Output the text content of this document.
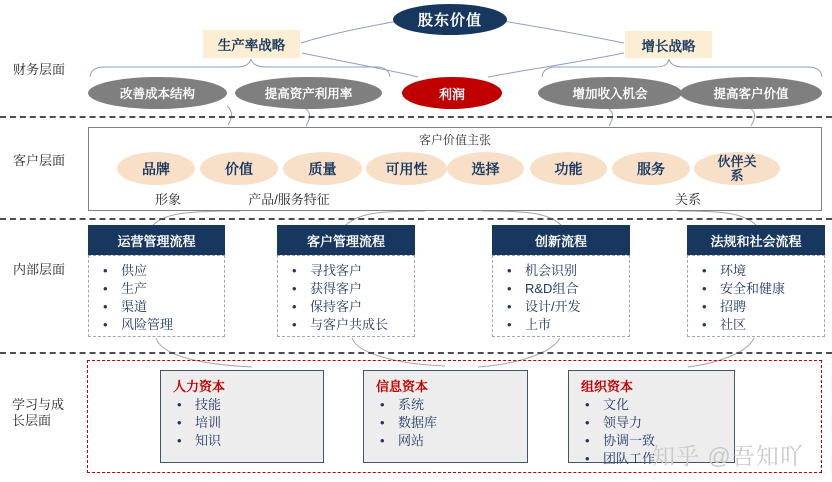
财务层面
客户层面
内部层面
学习与成长层面
股东价值
生产率战略	增长战略
改善成本结构	提高资产利用率	利润	增加收入机会	提高客户价值
客户价值主张
品牌	价值	质量	可用性	选择	功能	服务	伙伴关系
形象	产品/服务特征	关系
运营管理流程
• 供应
• 生产
• 渠道
• 风险管理
客户管理流程
• 寻找客户
• 获得客户
• 保持客户
• 与客户共成长
创新流程
• 机会识别
• R&D组合
• 设计/开发
• 上市
法规和社会流程
• 环境
• 安全和健康
• 招聘
• 社区
人力资本
• 技能
• 培训
• 知识
信息资本
• 系统
• 数据库
• 网站
组织资本
• 文化
• 领导力
• 协调一致
• 团队工作
知乎 @吾知吖
